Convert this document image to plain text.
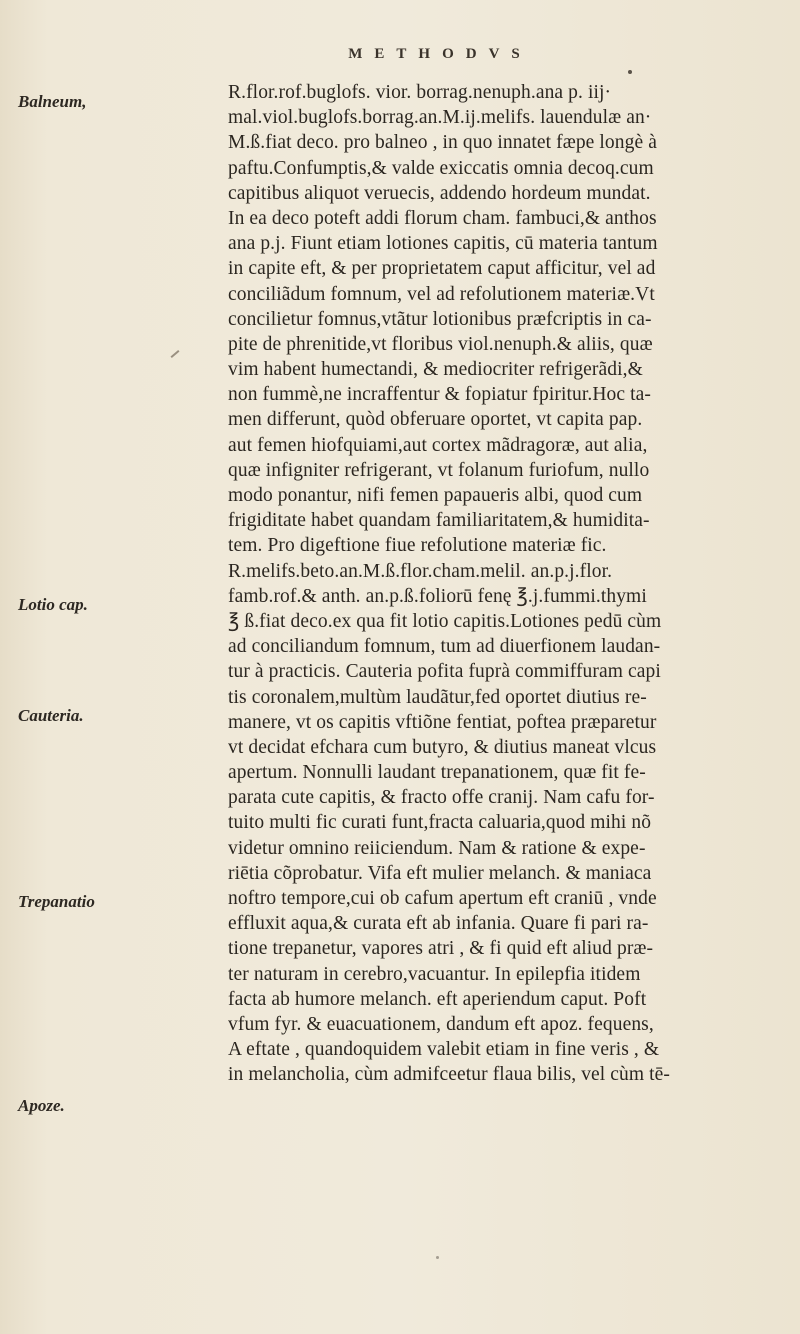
METHODVS
Balneum,
Lotio cap.
Cauteria.
Trepanatio
Apoze.
R.flor.rof.buglofs. vior. borrag.nenuph.ana p. iij·
mal.viol.buglofs.borrag.an.M.ij.melifs. lauendulæ an·
M.ß.fiat deco. pro balneo , in quo innatet fæpe longè à
paftu.Confumptis,& valde exiccatis omnia decoq.cum
capitibus aliquot veruecis, addendo hordeum mundat.
In ea deco poteft addi florum cham. fambuci,& anthos
ana p.j. Fiunt etiam lotiones capitis, cū materia tantum
in capite eft, & per proprietatem caput afficitur, vel ad
conciliãdum fomnum, vel ad refolutionem materiæ.Vt
concilietur fomnus,vtãtur lotionibus præfcriptis in ca-
pite de phrenitide,vt floribus viol.nenuph.& aliis, quæ
vim habent humectandi, & mediocriter refrigerãdi,&
non fummè,ne incraffentur & fopiatur fpiritur.Hoc ta-
men differunt, quòd obferuare oportet, vt capita pap.
aut femen hiofquiami,aut cortex mãdragoræ, aut alia,
quæ infigniter refrigerant, vt folanum furiofum, nullo
modo ponantur, nifi femen papaueris albi, quod cum
frigiditate habet quandam familiaritatem,& humidita-
tem. Pro digeftione fiue refolutione materiæ fic.
R.melifs.beto.an.M.ß.flor.cham.melil. an.p.j.flor.
famb.rof.& anth. an.p.ß.foliorū fenę ℥.j.fummi.thymi
℥ ß.fiat deco.ex qua fit lotio capitis.Lotiones pedū cùm
ad conciliandum fomnum, tum ad diuerfionem laudan-
tur à practicis. Cauteria pofita fuprà commiffuram capi
tis coronalem,multùm laudãtur,fed oportet diutius re-
manere, vt os capitis vftiõne fentiat, poftea præparetur
vt decidat efchara cum butyro, & diutius maneat vlcus
apertum. Nonnulli laudant trepanationem, quæ fit fe-
parata cute capitis, & fracto offe cranij. Nam cafu for-
tuito multi fic curati funt,fracta caluaria,quod mihi nõ
videtur omnino reiiciendum. Nam & ratione & expe-
riētia cõprobatur. Vifa eft mulier melanch. & maniaca
noftro tempore,cui ob cafum apertum eft craniū , vnde
effluxit aqua,& curata eft ab infania. Quare fi pari ra-
tione trepanetur, vapores atri , & fi quid eft aliud præ-
ter naturam in cerebro,vacuantur. In epilepfia itidem
facta ab humore melanch. eft aperiendum caput. Poft
vfum fyr. & euacuationem, dandum eft apoz. fequens,
A eftate , quandoquidem valebit etiam in fine veris , &
in melancholia, cùm admifceetur flaua bilis, vel cùm tē-
